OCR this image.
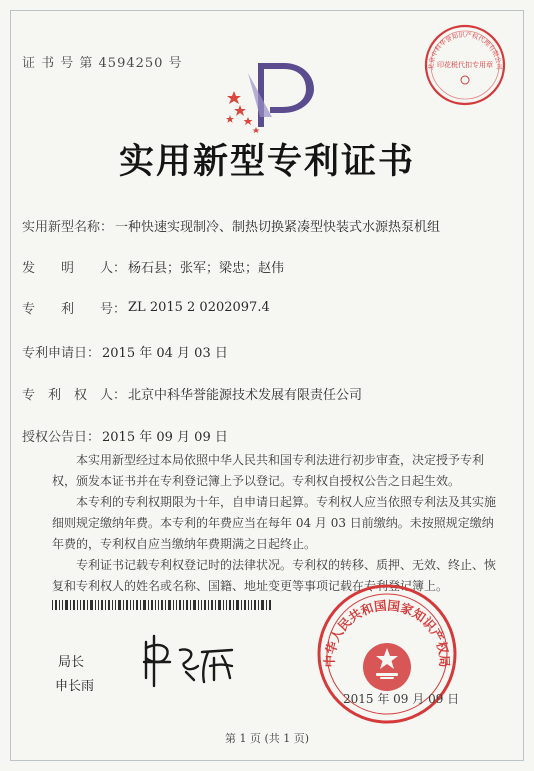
证 书 号 第 4594250 号	北京中科华誉知识产权代理有限公司
印花税代扣专用章
实用新型专利证书
实用新型名称： 一种快速实现制冷、制热切换紧凑型快装式水源热泵机组
发　　明　　人： 杨石县；张军；梁忠；赵伟
专　　利　　号： ZL 2015 2 0202097.4
专利申请日： 2015 年 04 月 03 日
专　利　权　人： 北京中科华誉能源技术发展有限责任公司
授权公告日： 2015 年 09 月 09 日

本实用新型经过本局依照中华人民共和国专利法进行初步审查，决定授予专利权，颁发本证书并在专利登记簿上予以登记。专利权自授权公告之日起生效。

本专利的专利权期限为十年，自申请日起算。专利权人应当依照专利法及其实施细则规定缴纳年费。本专利的年费应当在每年 04 月 03 日前缴纳。未按照规定缴纳年费的，专利权自应当缴纳年费期满之日起终止。

专利证书记载专利权登记时的法律状况。专利权的转移、质押、无效、终止、恢复和专利权人的姓名或名称、国籍、地址变更等事项记载在专利登记簿上。

局长
申长雨
中华人民共和国国家知识产权局
2015 年 09 月 09 日
第 1 页 (共 1 页)
